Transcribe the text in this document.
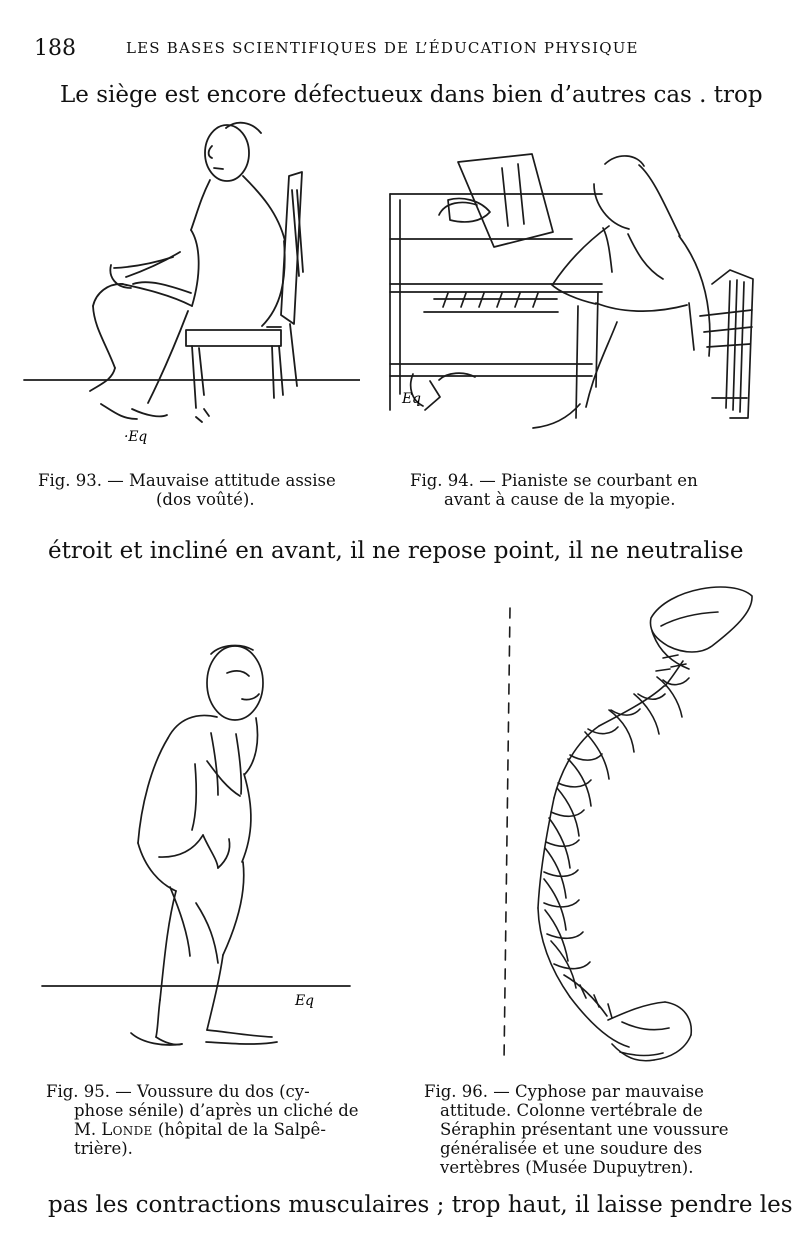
188	LES BASES SCIENTIFIQUES DE L’ÉDUCATION PHYSIQUE
Le siège est encore défectueux dans bien d’autres cas . trop
·Eq
Eq
Fig. 93. — Mauvaise attitude assise
(dos voûté).
Fig. 94. — Pianiste se courbant en
avant à cause de la myopie.
étroit et incliné en avant, il ne repose point, il ne neutralise
Eq
Fig. 95. — Voussure du dos (cy-
phose sénile) d’après un cliché de
M. Londe (hôpital de la Salpê-
trière).
Fig. 96. — Cyphose par mauvaise
attitude. Colonne vertébrale de
Séraphin présentant une voussure
généralisée et une soudure des
vertèbres (Musée Dupuytren).
pas les contractions musculaires ; trop haut, il laisse pendre les
